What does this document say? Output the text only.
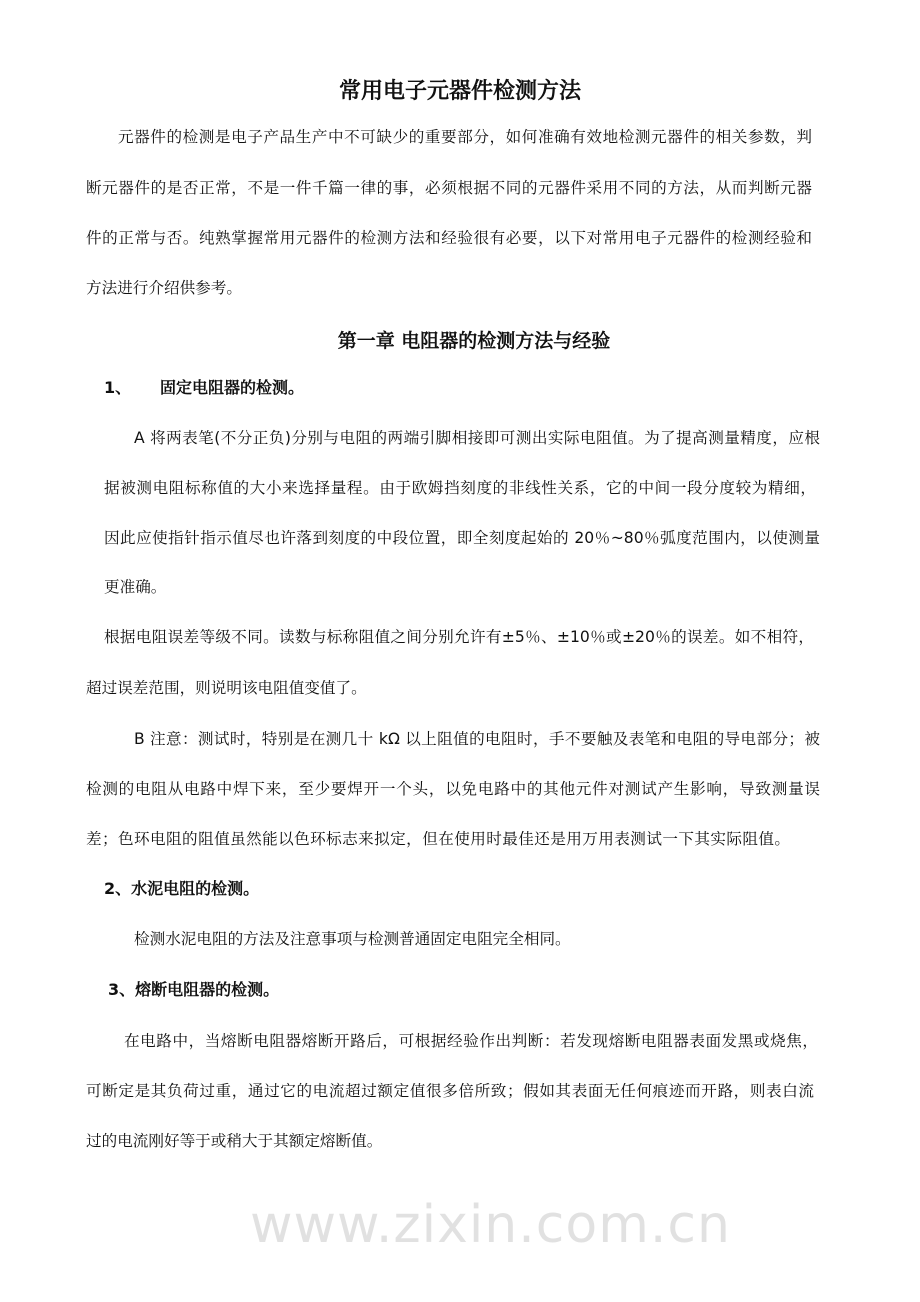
常用电子元器件检测方法
元器件的检测是电子产品生产中不可缺少的重要部分，如何准确有效地检测元器件的相关参数，判
断元器件的是否正常，不是一件千篇一律的事，必须根据不同的元器件采用不同的方法，从而判断元器
件的正常与否。纯熟掌握常用元器件的检测方法和经验很有必要，以下对常用电子元器件的检测经验和
方法进行介绍供参考。
第一章 电阻器的检测方法与经验
1、 固定电阻器的检测。
A 将两表笔(不分正负)分别与电阻的两端引脚相接即可测出实际电阻值。为了提高测量精度，应根
据被测电阻标称值的大小来选择量程。由于欧姆挡刻度的非线性关系，它的中间一段分度较为精细，
因此应使指针指示值尽也许落到刻度的中段位置，即全刻度起始的 20％~80％弧度范围内，以使测量
更准确。
根据电阻误差等级不同。读数与标称阻值之间分别允许有±5％、±10％或±20％的误差。如不相符，
超过误差范围，则说明该电阻值变值了。
B 注意：测试时，特别是在测几十 kΩ 以上阻值的电阻时，手不要触及表笔和电阻的导电部分；被
检测的电阻从电路中焊下来，至少要焊开一个头，以免电路中的其他元件对测试产生影响，导致测量误
差；色环电阻的阻值虽然能以色环标志来拟定，但在使用时最佳还是用万用表测试一下其实际阻值。
2、水泥电阻的检测。
检测水泥电阻的方法及注意事项与检测普通固定电阻完全相同。
3、熔断电阻器的检测。
在电路中，当熔断电阻器熔断开路后，可根据经验作出判断：若发现熔断电阻器表面发黑或烧焦，
可断定是其负荷过重，通过它的电流超过额定值很多倍所致；假如其表面无任何痕迹而开路，则表白流
过的电流刚好等于或稍大于其额定熔断值。
www.zixin.com.cn
